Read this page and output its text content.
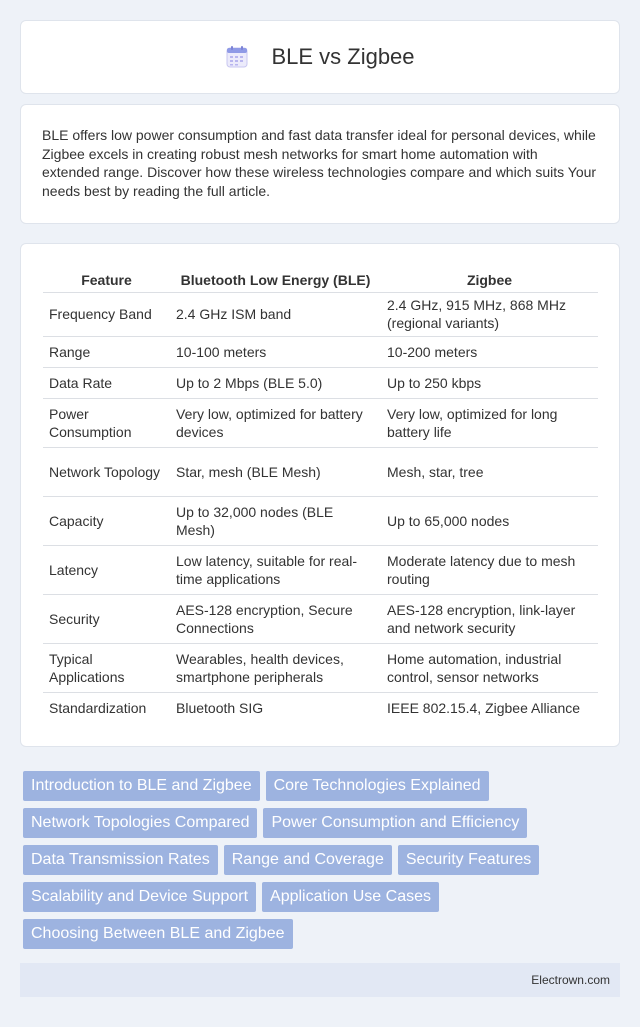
BLE vs Zigbee

BLE offers low power consumption and fast data transfer ideal for personal devices, while Zigbee excels in creating robust mesh networks for smart home automation with extended range. Discover how these wireless technologies compare and which suits Your needs best by reading the full article.

Feature	Bluetooth Low Energy (BLE)	Zigbee
Frequency Band	2.4 GHz ISM band	2.4 GHz, 915 MHz, 868 MHz (regional variants)
Range	10-100 meters	10-200 meters
Data Rate	Up to 2 Mbps (BLE 5.0)	Up to 250 kbps
Power Consumption	Very low, optimized for battery devices	Very low, optimized for long battery life
Network Topology	Star, mesh (BLE Mesh)	Mesh, star, tree
Capacity	Up to 32,000 nodes (BLE Mesh)	Up to 65,000 nodes
Latency	Low latency, suitable for real-time applications	Moderate latency due to mesh routing
Security	AES-128 encryption, Secure Connections	AES-128 encryption, link-layer and network security
Typical Applications	Wearables, health devices, smartphone peripherals	Home automation, industrial control, sensor networks
Standardization	Bluetooth SIG	IEEE 802.15.4, Zigbee Alliance
Introduction to BLE and Zigbee	Core Technologies Explained
Network Topologies Compared	Power Consumption and Efficiency
Data Transmission Rates	Range and Coverage	Security Features
Scalability and Device Support	Application Use Cases
Choosing Between BLE and Zigbee
Electrown.com
